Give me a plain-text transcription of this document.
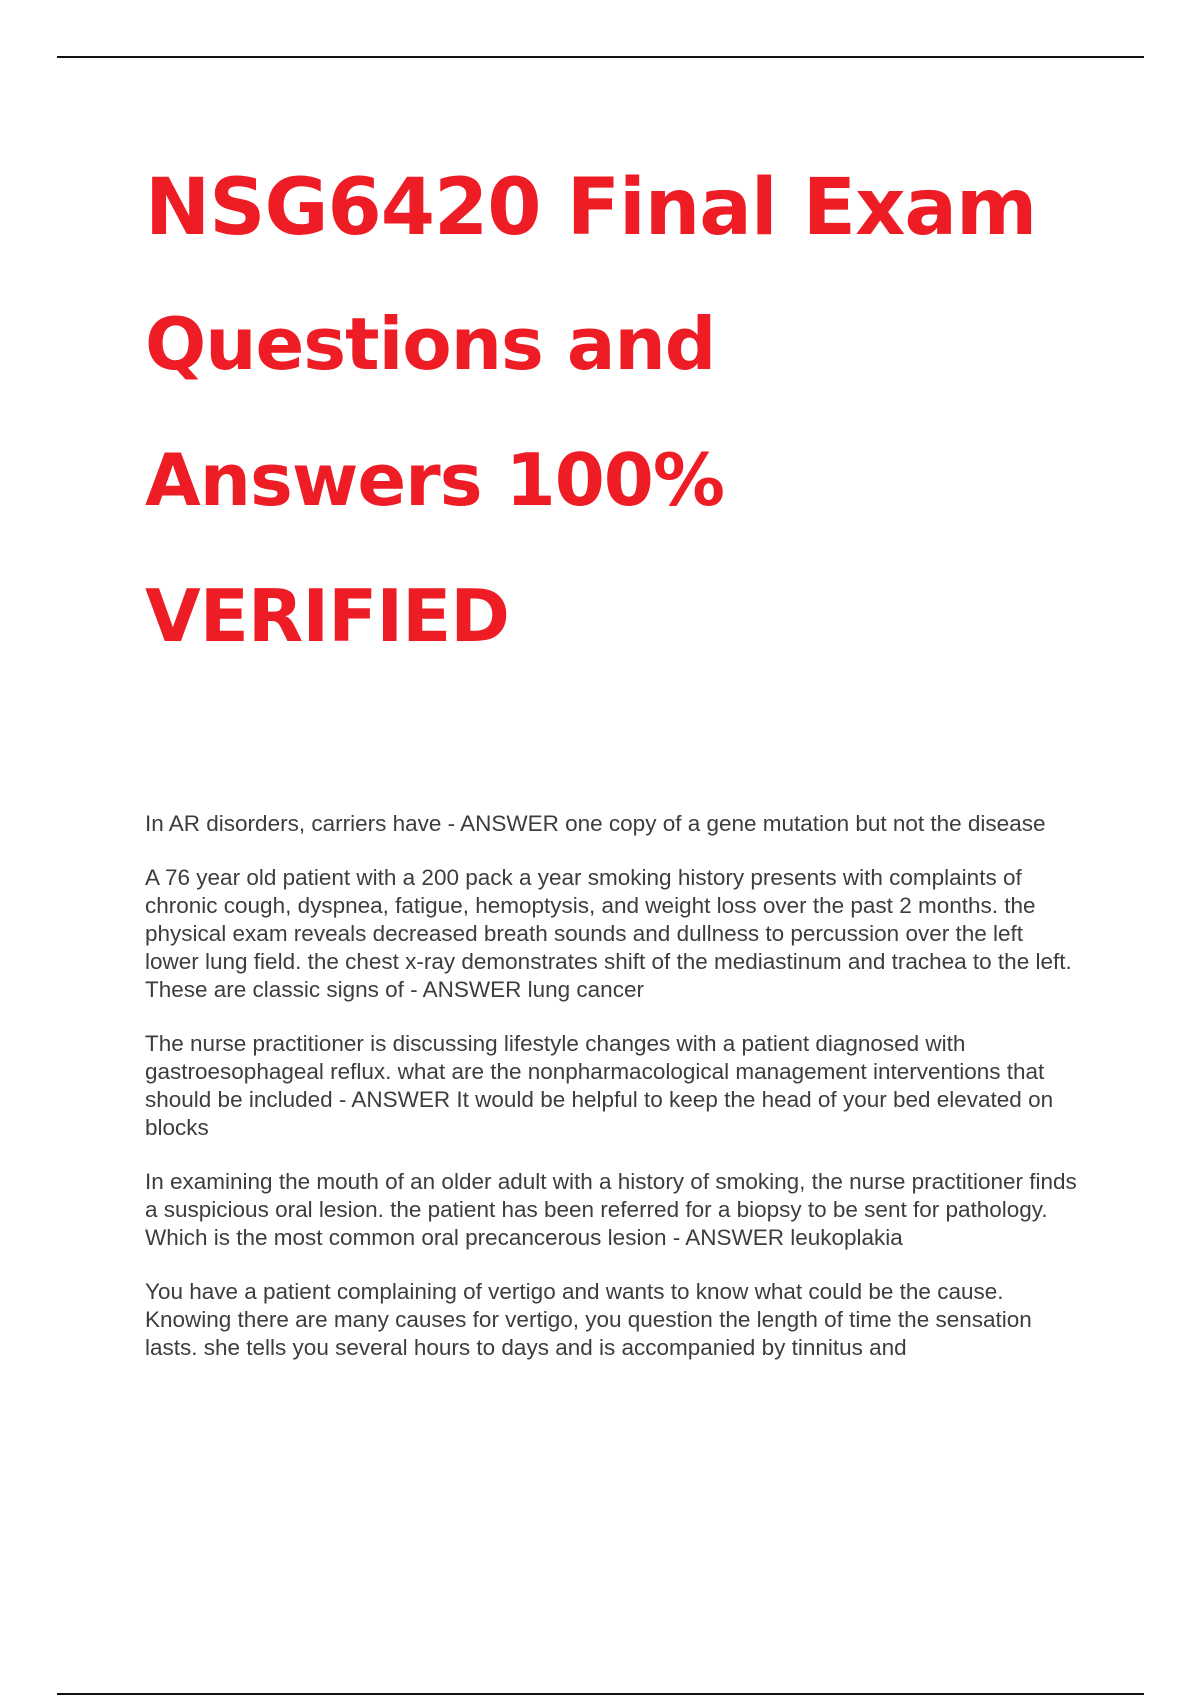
NSG6420 Final Exam
Questions and
Answers 100%
VERIFIED

In AR disorders, carriers have - ANSWER one copy of a gene mutation but not the disease

A 76 year old patient with a 200 pack a year smoking history presents with complaints of chronic cough, dyspnea, fatigue, hemoptysis, and weight loss over the past 2 months. the physical exam reveals decreased breath sounds and dullness to percussion over the left lower lung field. the chest x-ray demonstrates shift of the mediastinum and trachea to the left. These are classic signs of - ANSWER lung cancer

The nurse practitioner is discussing lifestyle changes with a patient diagnosed with gastroesophageal reflux. what are the nonpharmacological management interventions that should be included - ANSWER It would be helpful to keep the head of your bed elevated on blocks

In examining the mouth of an older adult with a history of smoking, the nurse practitioner finds a suspicious oral lesion. the patient has been referred for a biopsy to be sent for pathology. Which is the most common oral precancerous lesion - ANSWER leukoplakia

You have a patient complaining of vertigo and wants to know what could be the cause. Knowing there are many causes for vertigo, you question the length of time the sensation lasts. she tells you several hours to days and is accompanied by tinnitus and
